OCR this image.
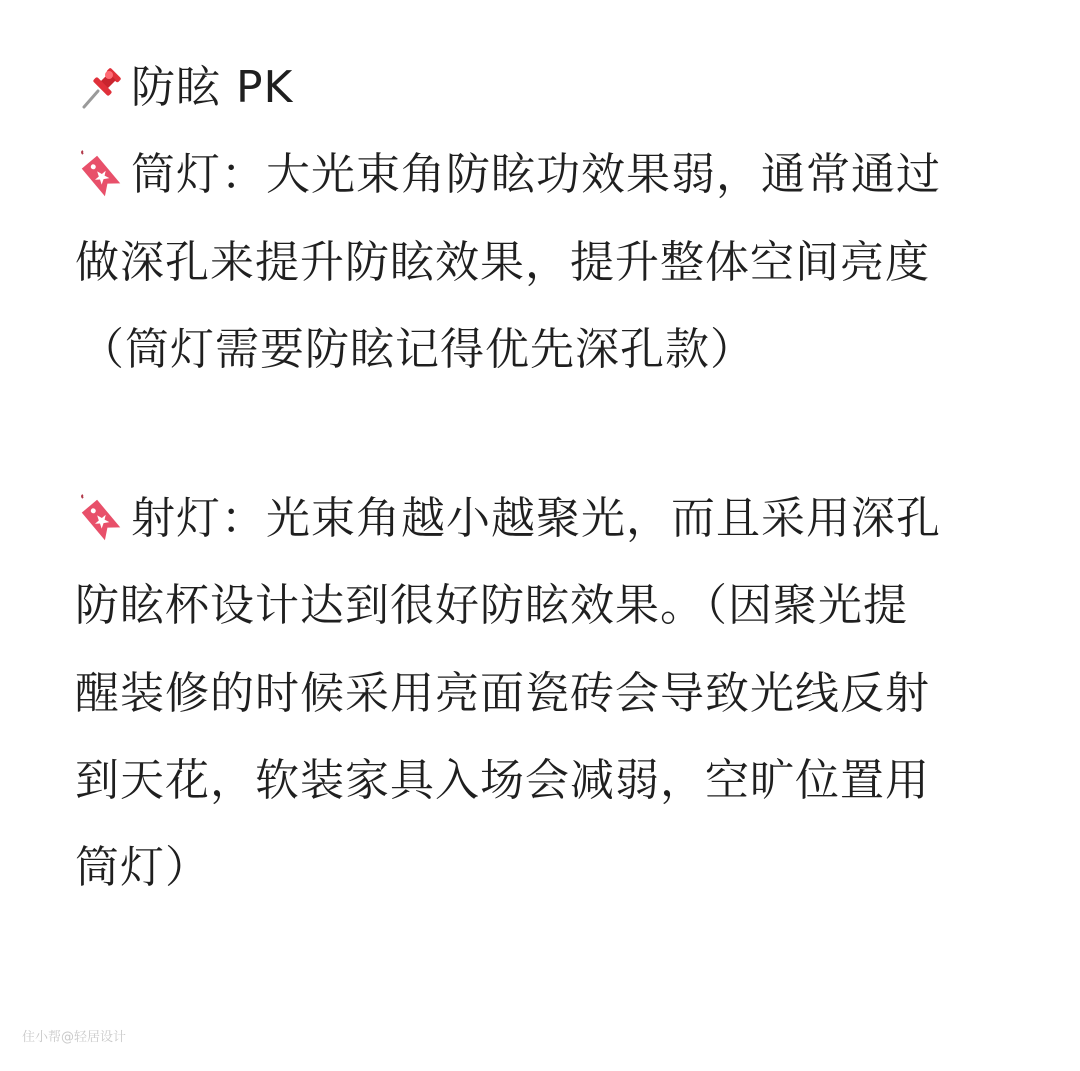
防眩 PK
筒灯：大光束角防眩功效果弱，通常通过
做深孔来提升防眩效果，提升整体空间亮度
（筒灯需要防眩记得优先深孔款）
射灯：光束角越小越聚光，而且采用深孔
防眩杯设计达到很好防眩效果。（因聚光提
醒装修的时候采用亮面瓷砖会导致光线反射
到天花，软装家具入场会减弱，空旷位置用
筒灯）
住小帮@轻居设计
